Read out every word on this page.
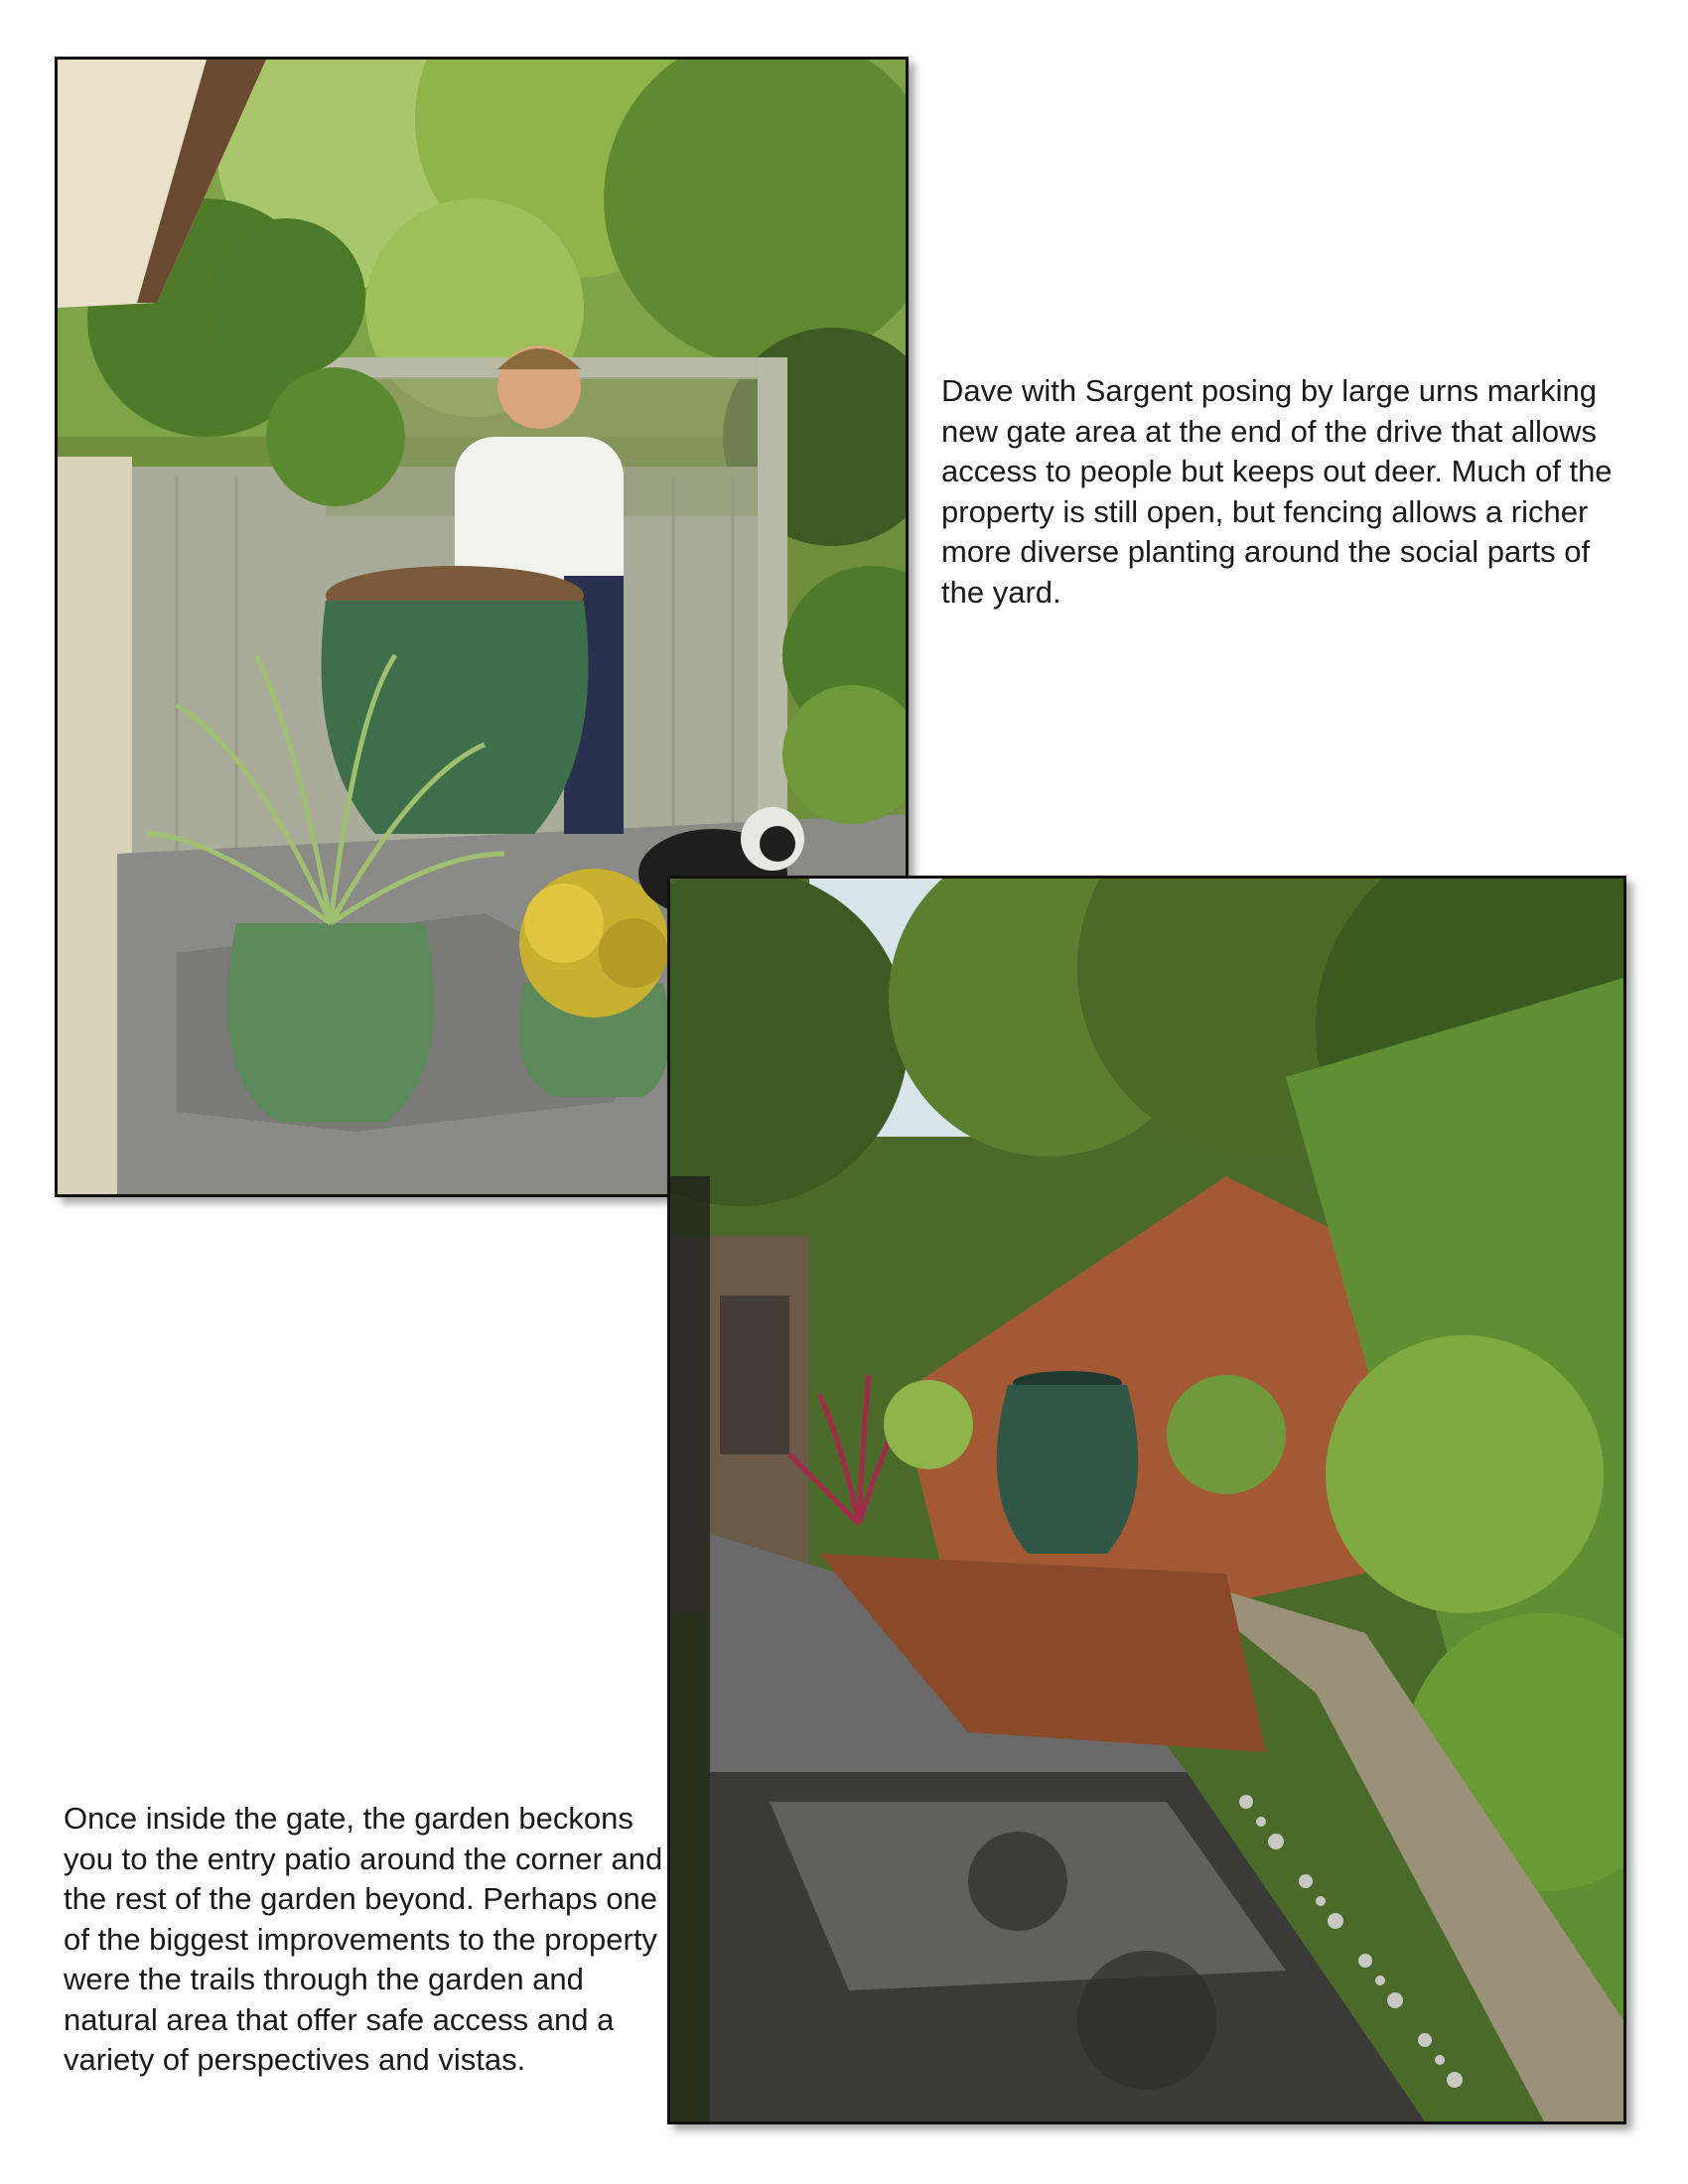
Dave with Sargent posing by large urns marking new gate area at the end of the drive that allows access to people but keeps out deer. Much of the property is still open, but fencing allows a richer more diverse planting around the social parts of the yard.

Once inside the gate, the garden beckons you to the entry patio around the corner and the rest of the garden beyond. Perhaps one of the biggest improvements to the property were the trails through the garden and natural area that offer safe access and a variety of perspectives and vistas.
